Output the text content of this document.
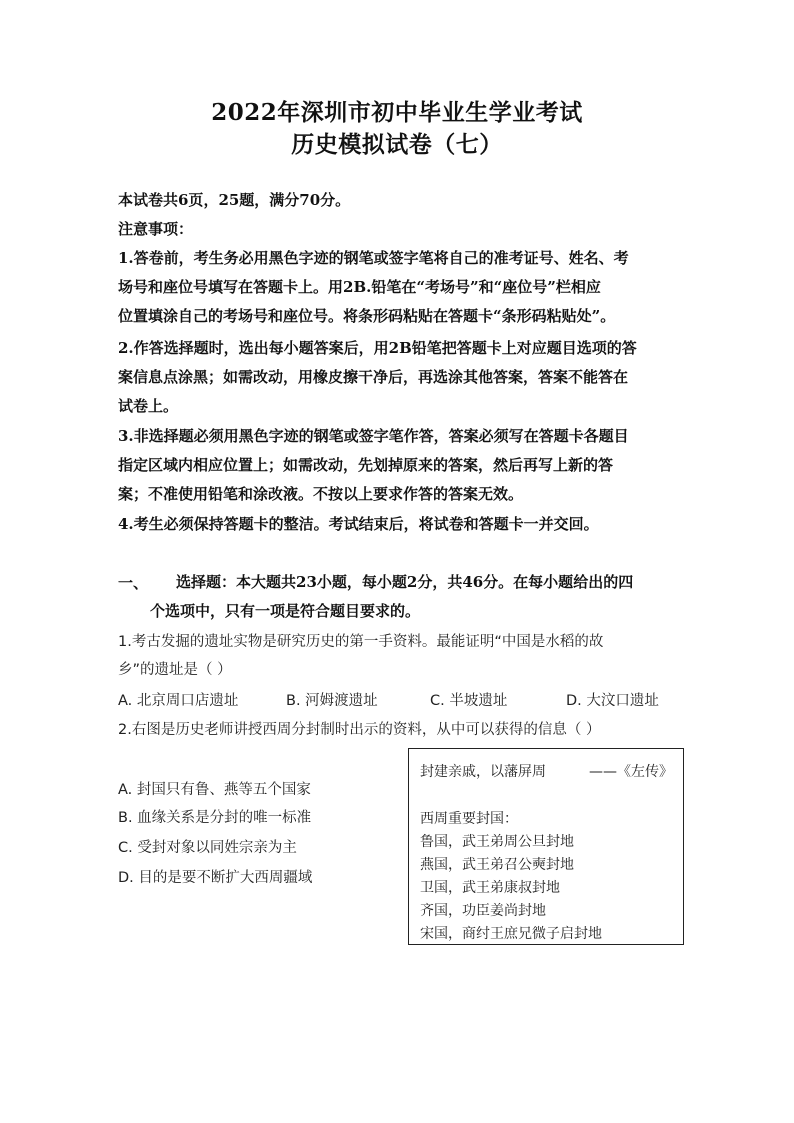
2022年深圳市初中毕业生学业考试
历史模拟试卷（七）
本试卷共6页，25题，满分70分。
注意事项：
1.答卷前，考生务必用黑色字迹的钢笔或签字笔将自己的准考证号、姓名、考
场号和座位号填写在答题卡上。用2B.铅笔在“考场号”和“座位号”栏相应
位置填涂自己的考场号和座位号。将条形码粘贴在答题卡“条形码粘贴处”。
2.作答选择题时，选出每小题答案后，用2B铅笔把答题卡上对应题目选项的答
案信息点涂黑；如需改动，用橡皮擦干净后，再选涂其他答案，答案不能答在
试卷上。
3.非选择题必须用黑色字迹的钢笔或签字笔作答，答案必须写在答题卡各题目
指定区域内相应位置上；如需改动，先划掉原来的答案，然后再写上新的答
案；不准使用铅笔和涂改液。不按以上要求作答的答案无效。
4.考生必须保持答题卡的整洁。考试结束后，将试卷和答题卡一并交回。
一、 选择题：本大题共23小题，每小题2分，共46分。在每小题给出的四
个选项中，只有一项是符合题目要求的。
1.考古发掘的遗址实物是研究历史的第一手资料。最能证明“中国是水稻的故
乡”的遗址是（ ）
A. 北京周口店遗址	B. 河姆渡遗址	C. 半坡遗址	D. 大汶口遗址
2.右图是历史老师讲授西周分封制时出示的资料，从中可以获得的信息（ ）
A. 封国只有鲁、燕等五个国家
B. 血缘关系是分封的唯一标准
C. 受封对象以同姓宗亲为主
D. 目的是要不断扩大西周疆域
封建亲戚，以藩屏周	——《左传》
西周重要封国：
鲁国，武王弟周公旦封地
燕国，武王弟召公奭封地
卫国，武王弟康叔封地
齐国，功臣姜尚封地
宋国，商纣王庶兄微子启封地
